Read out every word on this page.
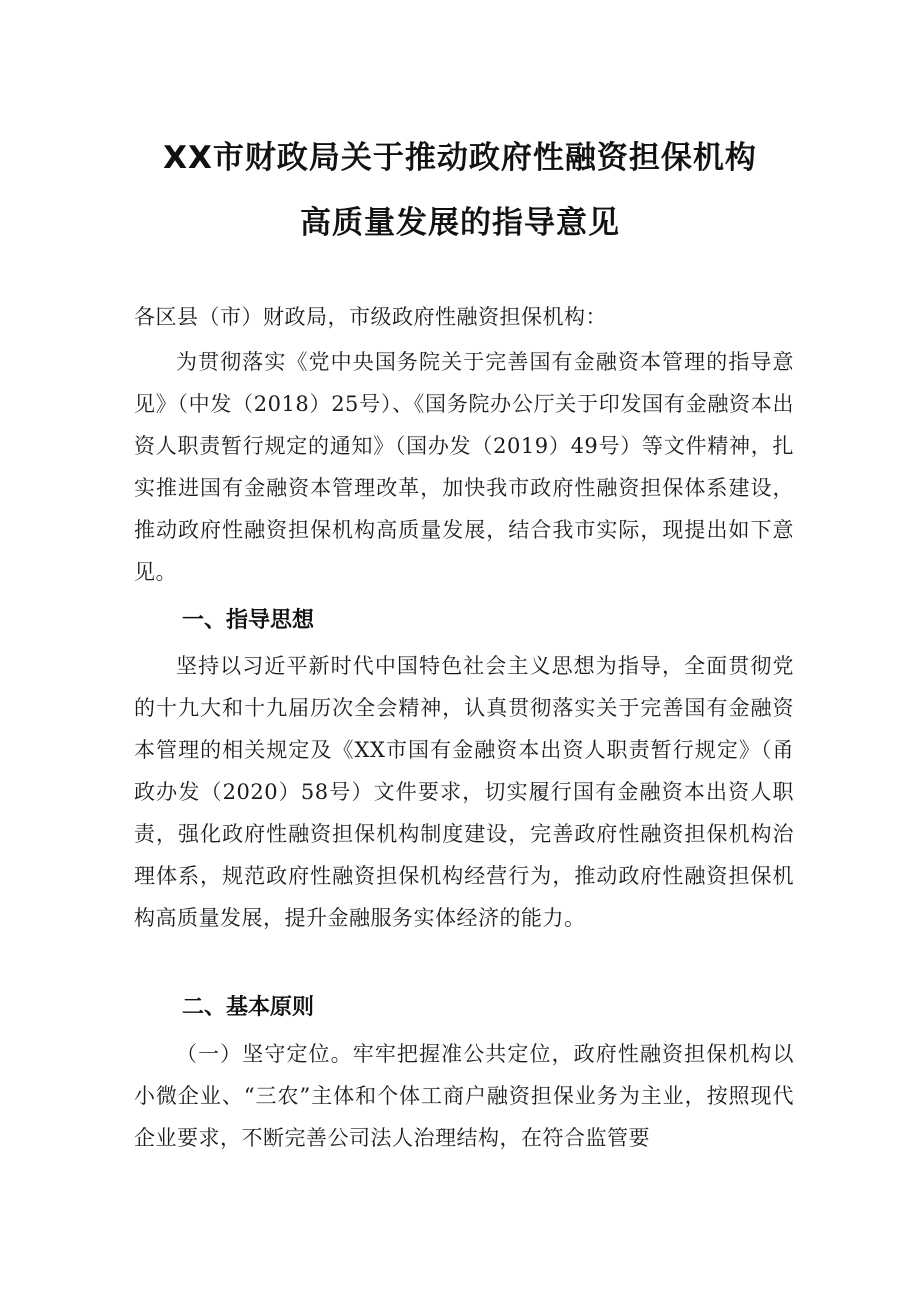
XX市财政局关于推动政府性融资担保机构
高质量发展的指导意见
各区县（市）财政局，市级政府性融资担保机构：
为贯彻落实《党中央国务院关于完善国有金融资本管理的指导意见》（中发（2018）25号）、《国务院办公厅关于印发国有金融资本出资人职责暂行规定的通知》（国办发（2019）49号）等文件精神，扎实推进国有金融资本管理改革，加快我市政府性融资担保体系建设，推动政府性融资担保机构高质量发展，结合我市实际，现提出如下意见。
一、指导思想
坚持以习近平新时代中国特色社会主义思想为指导，全面贯彻党的十九大和十九届历次全会精神，认真贯彻落实关于完善国有金融资本管理的相关规定及《XX市国有金融资本出资人职责暂行规定》（甬政办发（2020）58号）文件要求，切实履行国有金融资本出资人职责，强化政府性融资担保机构制度建设，完善政府性融资担保机构治理体系，规范政府性融资担保机构经营行为，推动政府性融资担保机构高质量发展，提升金融服务实体经济的能力。
二、基本原则
（一）坚守定位。牢牢把握准公共定位，政府性融资担保机构以小微企业、“三农”主体和个体工商户融资担保业务为主业，按照现代企业要求，不断完善公司法人治理结构，在符合监管要
